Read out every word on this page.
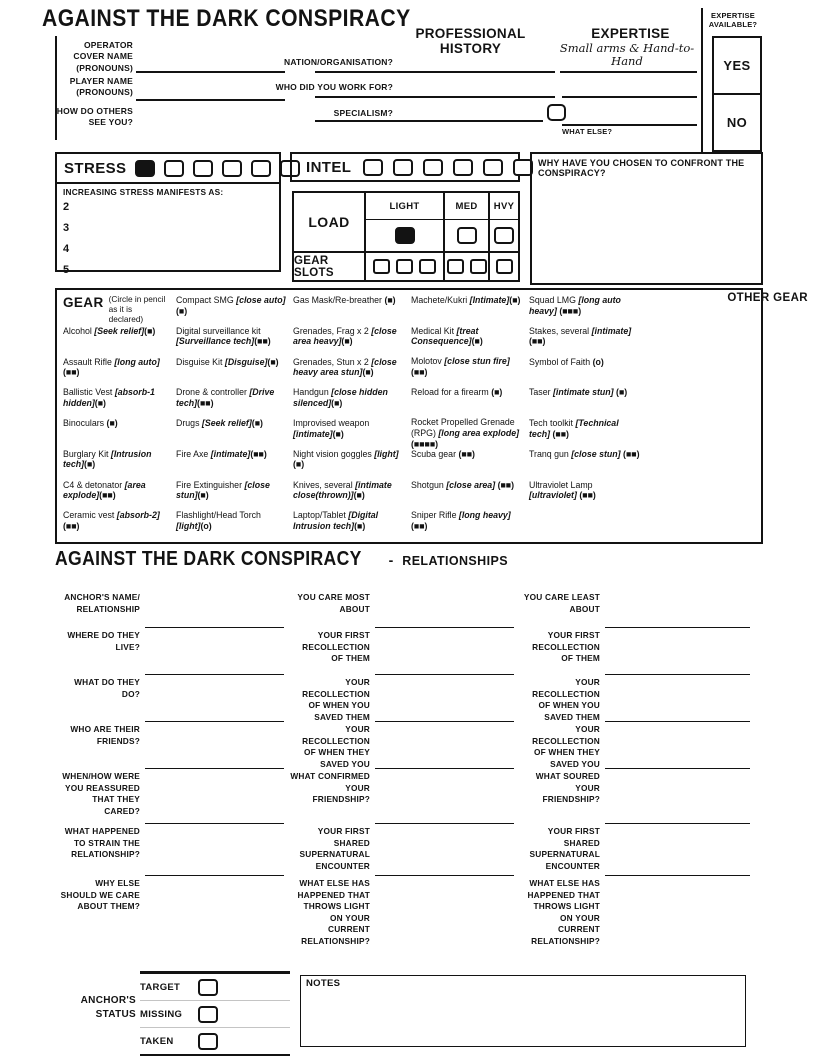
AGAINST THE DARK CONSPIRACY
OPERATOR COVER NAME (PRONOUNS)
PLAYER NAME (PRONOUNS)
HOW DO OTHERS SEE YOU?
PROFESSIONAL HISTORY
NATION/ORGANISATION?
WHO DID YOU WORK FOR?
SPECIALISM?
EXPERTISE
Small arms & Hand-to-Hand
WHAT ELSE?
EXPERTISE AVAILABLE?
YES
NO
STRESS
INCREASING STRESS MANIFESTS AS:
2
3
4
5
INTEL
LOAD
LIGHT	MED	HVY
GEAR SLOTS
WHY HAVE YOU CHOSEN TO CONFRONT THE CONSPIRACY?
GEAR (Circle in pencil as it is declared)
Alcohol [Seek relief](■)
Assault Rifle [long auto](■■)
Ballistic Vest [absorb-1 hidden](■)
Binoculars (■)
Burglary Kit [Intrusion tech](■)
C4 & detonator [area explode](■■)
Ceramic vest [absorb-2](■■)
Compact SMG [close auto](■)
Digital surveillance kit [Surveillance tech](■■)
Disguise Kit [Disguise](■)
Drone & controller [Drive tech](■■)
Drugs [Seek relief](■)
Fire Axe [intimate](■■)
Fire Extinguisher [close stun](■)
Flashlight/Head Torch [light](o)
Gas Mask/Re-breather (■)
Grenades, Frag x 2 [close area heavy](■)
Grenades, Stun x 2 [close heavy area stun](■)
Handgun [close hidden silenced](■)
Improvised weapon [intimate](■)
Night vision goggles [light](■)
Knives, several [intimate close(thrown)](■)
Laptop/Tablet [Digital Intrusion tech](■)
Machete/Kukri [Intimate](■)
Medical Kit [treat Consequence](■)
Molotov [close stun fire] (■■)
Reload for a firearm (■)
Rocket Propelled Grenade (RPG) [long area explode] (■■■■)
Scuba gear (■■)
Shotgun [close area] (■■)
Sniper Rifle [long heavy] (■■)
Squad LMG [long auto heavy] (■■■)
Stakes, several [intimate] (■■)
Symbol of Faith (o)
Taser [intimate stun] (■)
Tech toolkit [Technical tech] (■■)
Tranq gun [close stun] (■■)
Ultraviolet Lamp [ultraviolet] (■■)
OTHER GEAR
AGAINST THE DARK CONSPIRACY - RELATIONSHIPS
ANCHOR'S NAME/ RELATIONSHIP
WHERE DO THEY LIVE?
WHAT DO THEY DO?
WHO ARE THEIR FRIENDS?
WHEN/HOW WERE YOU REASSURED THAT THEY CARED?
WHAT HAPPENED TO STRAIN THE RELATIONSHIP?
WHY ELSE SHOULD WE CARE ABOUT THEM?
YOU CARE MOST ABOUT
YOUR FIRST RECOLLECTION OF THEM
YOUR RECOLLECTION OF WHEN YOU SAVED THEM
YOUR RECOLLECTION OF WHEN THEY SAVED YOU
WHAT CONFIRMED YOUR FRIENDSHIP?
YOUR FIRST SHARED SUPERNATURAL ENCOUNTER
WHAT ELSE HAS HAPPENED THAT THROWS LIGHT ON YOUR CURRENT RELATIONSHIP?
YOU CARE LEAST ABOUT
YOUR FIRST RECOLLECTION OF THEM
YOUR RECOLLECTION OF WHEN YOU SAVED THEM
YOUR RECOLLECTION OF WHEN THEY SAVED YOU
WHAT SOURED YOUR FRIENDSHIP?
YOUR FIRST SHARED SUPERNATURAL ENCOUNTER
WHAT ELSE HAS HAPPENED THAT THROWS LIGHT ON YOUR CURRENT RELATIONSHIP?
ANCHOR'S STATUS
TARGET
MISSING
TAKEN
NOTES
